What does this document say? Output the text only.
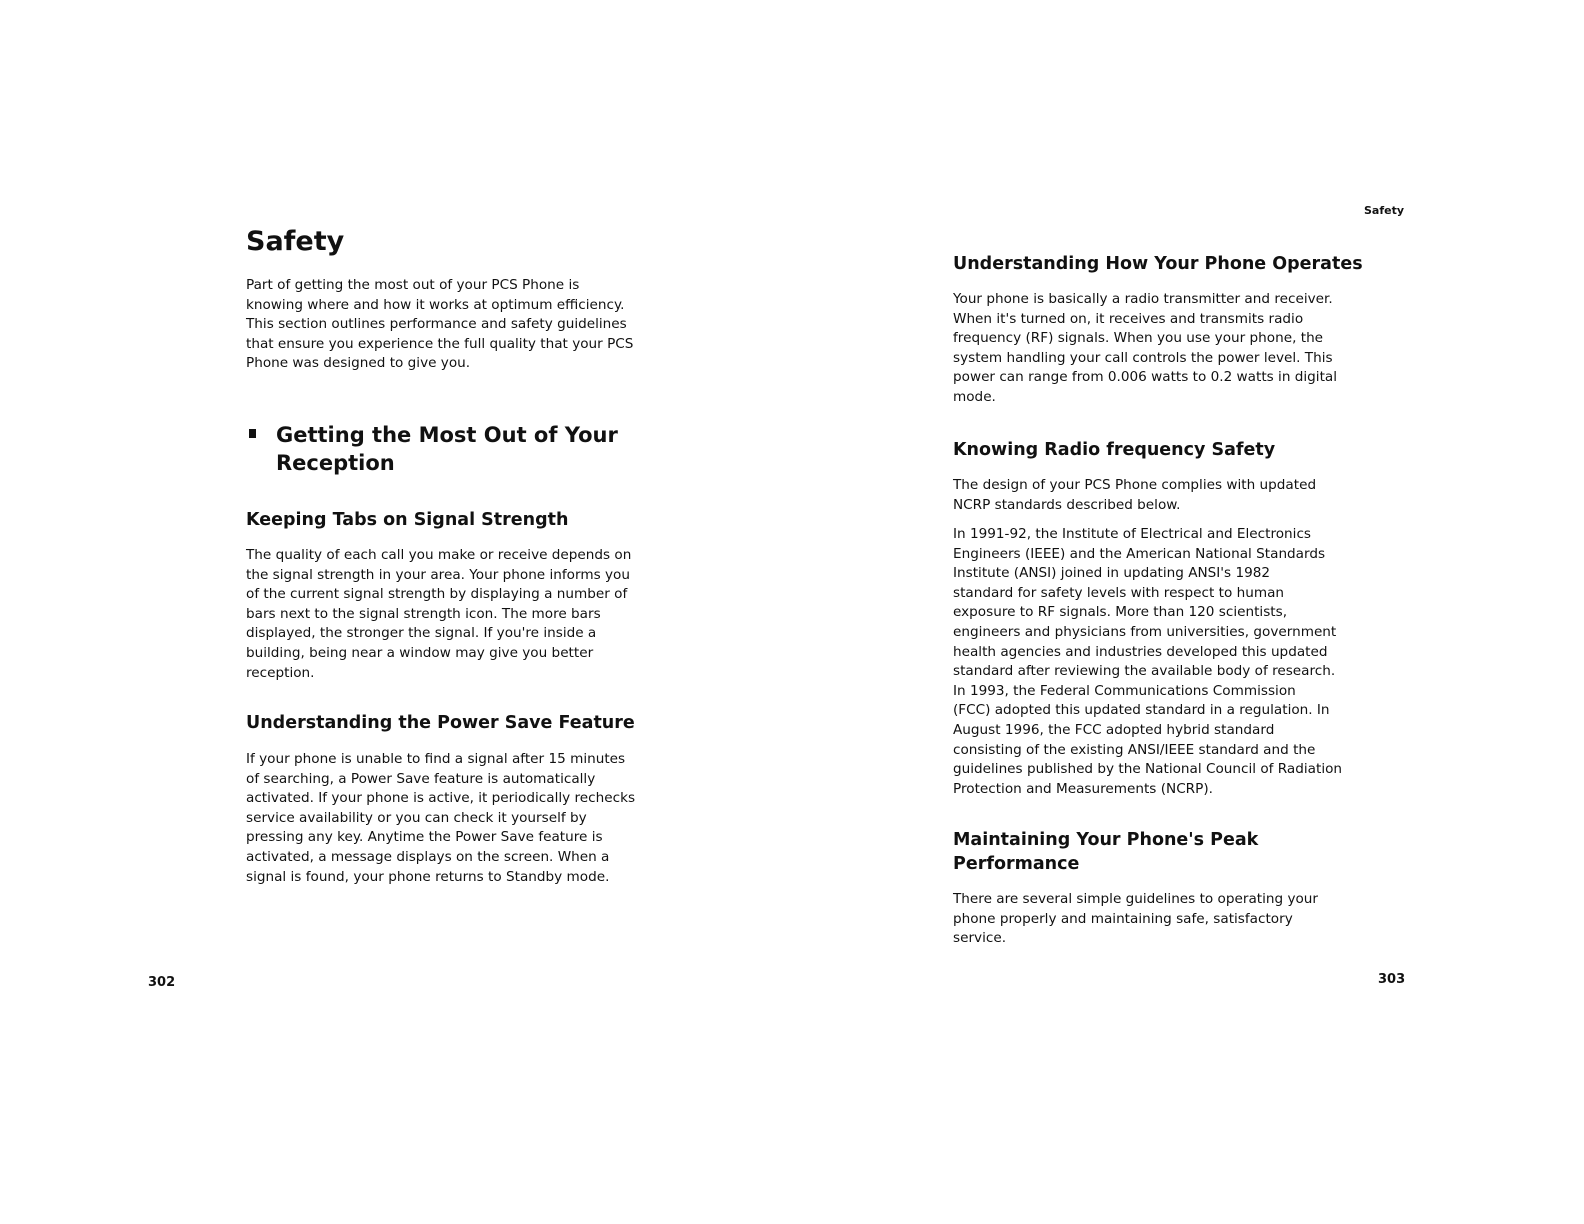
Safety
Part of getting the most out of your PCS Phone is
knowing where and how it works at optimum efficiency.
This section outlines performance and safety guidelines
that ensure you experience the full quality that your PCS
Phone was designed to give you.
Getting the Most Out of Your
Reception
Keeping Tabs on Signal Strength
The quality of each call you make or receive depends on
the signal strength in your area. Your phone informs you
of the current signal strength by displaying a number of
bars next to the signal strength icon. The more bars
displayed, the stronger the signal. If you're inside a
building, being near a window may give you better
reception.
Understanding the Power Save Feature
If your phone is unable to find a signal after 15 minutes
of searching, a Power Save feature is automatically
activated. If your phone is active, it periodically rechecks
service availability or you can check it yourself by
pressing any key. Anytime the Power Save feature is
activated, a message displays on the screen. When a
signal is found, your phone returns to Standby mode.
302
Safety
Understanding How Your Phone Operates
Your phone is basically a radio transmitter and receiver.
When it's turned on, it receives and transmits radio
frequency (RF) signals. When you use your phone, the
system handling your call controls the power level. This
power can range from 0.006 watts to 0.2 watts in digital
mode.
Knowing Radio frequency Safety
The design of your PCS Phone complies with updated
NCRP standards described below.
In 1991-92, the Institute of Electrical and Electronics
Engineers (IEEE) and the American National Standards
Institute (ANSI) joined in updating ANSI's 1982
standard for safety levels with respect to human
exposure to RF signals. More than 120 scientists,
engineers and physicians from universities, government
health agencies and industries developed this updated
standard after reviewing the available body of research.
In 1993, the Federal Communications Commission
(FCC) adopted this updated standard in a regulation. In
August 1996, the FCC adopted hybrid standard
consisting of the existing ANSI/IEEE standard and the
guidelines published by the National Council of Radiation
Protection and Measurements (NCRP).
Maintaining Your Phone's Peak
Performance
There are several simple guidelines to operating your
phone properly and maintaining safe, satisfactory
service.
303
